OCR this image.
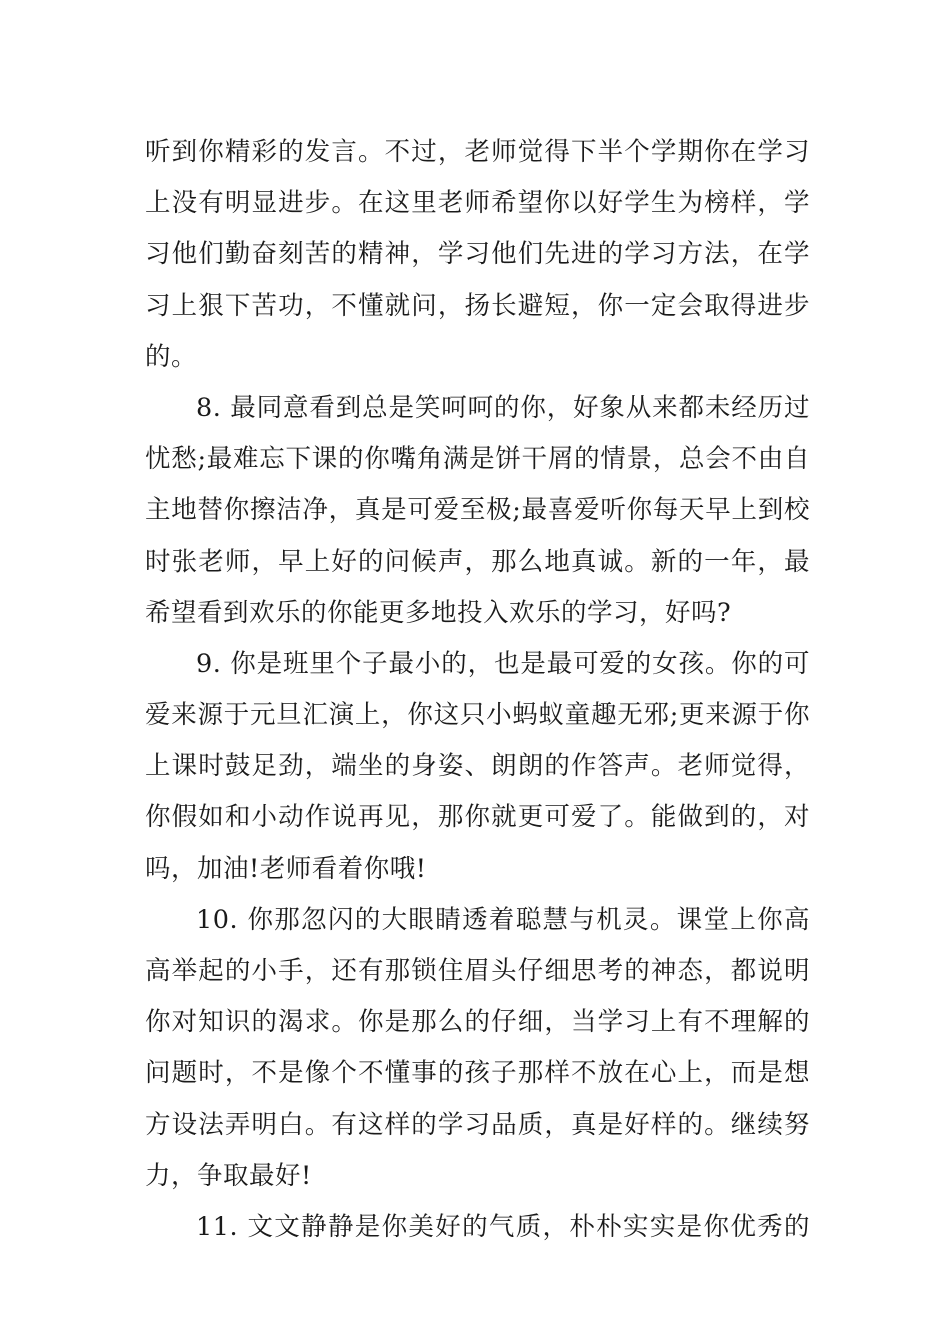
听到你精彩的发言。不过，老师觉得下半个学期你在学习
上没有明显进步。在这里老师希望你以好学生为榜样，学
习他们勤奋刻苦的精神，学习他们先进的学习方法，在学
习上狠下苦功，不懂就问，扬长避短，你一定会取得进步
的。
8. 最同意看到总是笑呵呵的你，好象从来都未经历过
忧愁;最难忘下课的你嘴角满是饼干屑的情景，总会不由自
主地替你擦洁净，真是可爱至极;最喜爱听你每天早上到校
时张老师，早上好的问候声，那么地真诚。新的一年，最
希望看到欢乐的你能更多地投入欢乐的学习，好吗?
9. 你是班里个子最小的，也是最可爱的女孩。你的可
爱来源于元旦汇演上，你这只小蚂蚁童趣无邪;更来源于你
上课时鼓足劲，端坐的身姿、朗朗的作答声。老师觉得，
你假如和小动作说再见，那你就更可爱了。能做到的，对
吗，加油!老师看着你哦!
10. 你那忽闪的大眼睛透着聪慧与机灵。课堂上你高
高举起的小手，还有那锁住眉头仔细思考的神态，都说明
你对知识的渴求。你是那么的仔细，当学习上有不理解的
问题时，不是像个不懂事的孩子那样不放在心上，而是想
方设法弄明白。有这样的学习品质，真是好样的。继续努
力，争取最好!
11. 文文静静是你美好的气质，朴朴实实是你优秀的
